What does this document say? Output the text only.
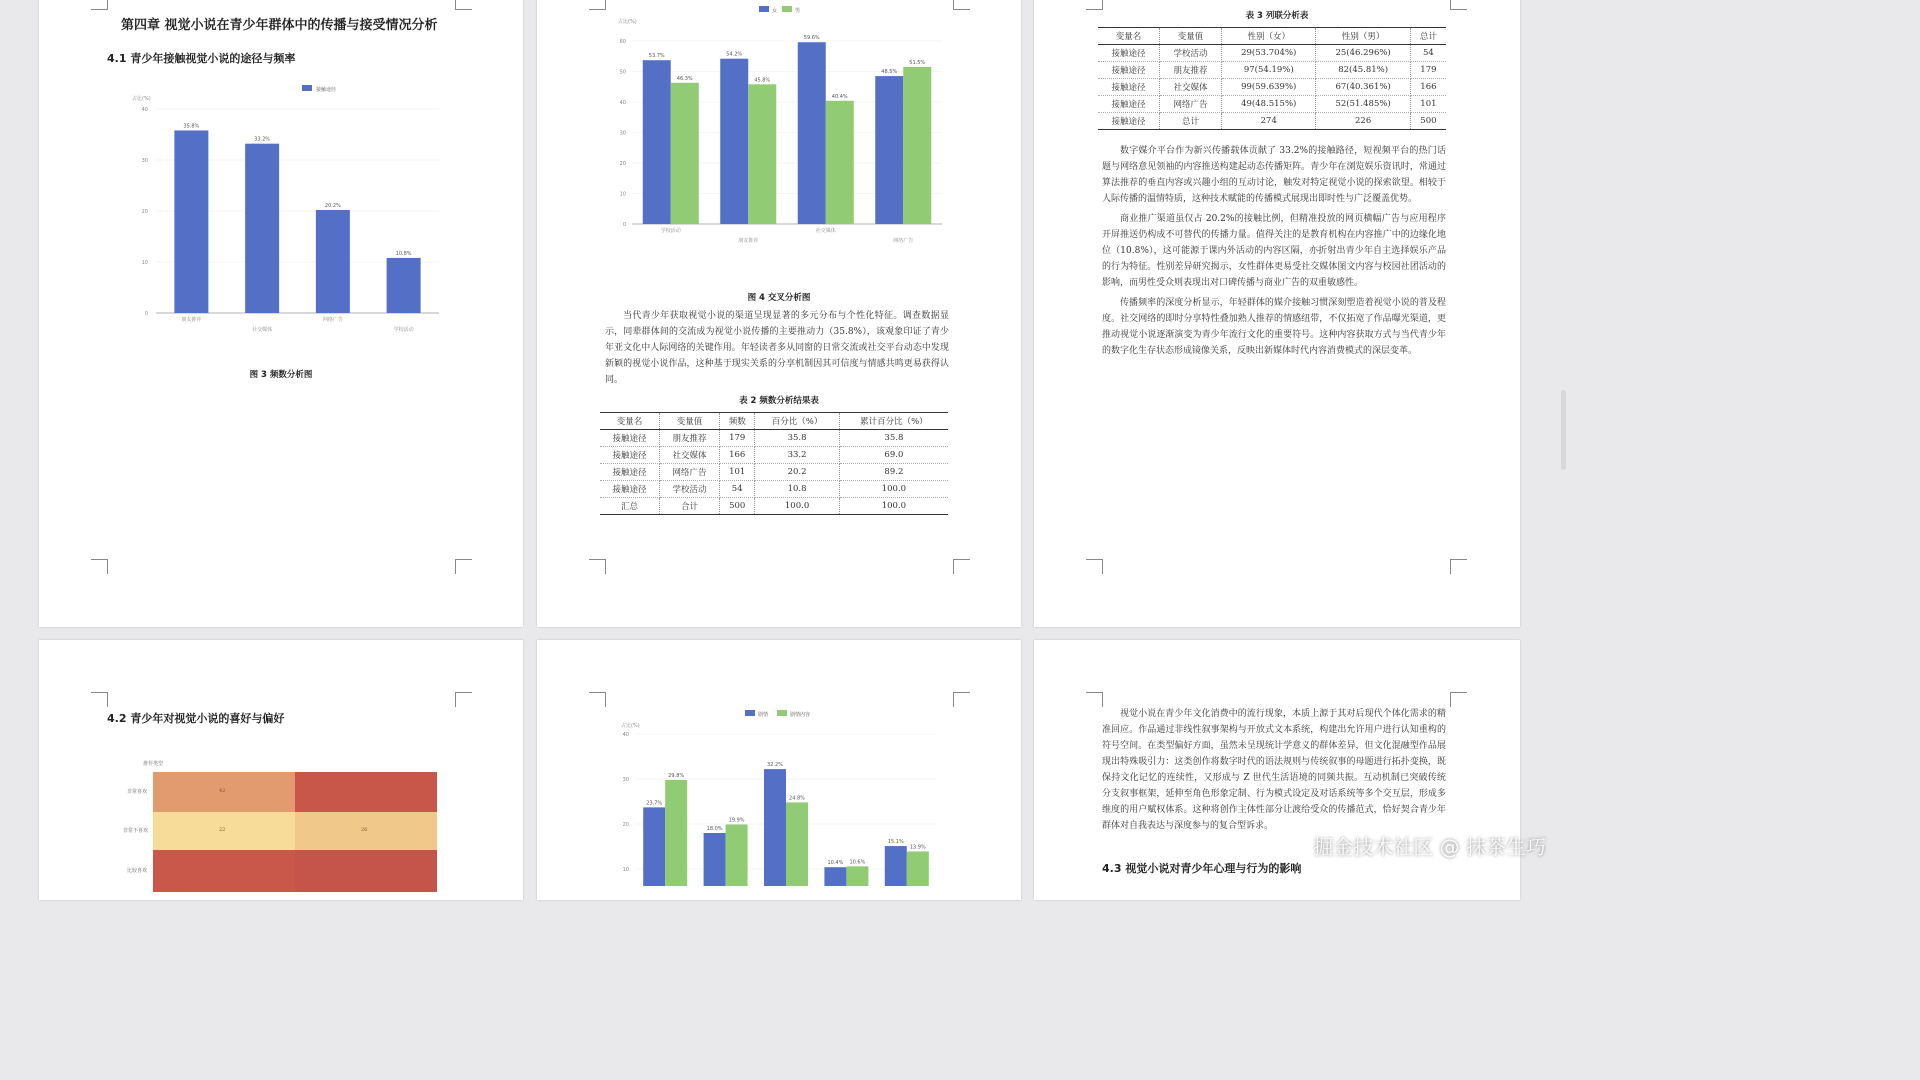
第四章 视觉小说在青少年群体中的传播与接受情况分析
4.1 青少年接触视觉小说的途径与频率
接触途径
占比(%)
0
10
20
30
40
35.8%
朋友推荐
33.2%
社交媒体
20.2%
网络广告
10.8%
学校活动
图 3 频数分析图
女	男
占比(%)
0
10
20
30
40
50
60
53.7%
46.3%
学校活动
54.2%
45.8%
朋友推荐
59.6%
40.4%
社交媒体
48.5%
51.5%
网络广告
图 4 交叉分析图

当代青少年获取视觉小说的渠道呈现显著的多元分布与个性化特征。调查数据显示，同辈群体间的交流成为视觉小说传播的主要推动力（35.8%），该观象印证了青少年亚文化中人际网络的关键作用。年轻读者多从同窗的日常交流或社交平台动态中发现新颖的视觉小说作品，这种基于现实关系的分享机制因其可信度与情感共鸣更易获得认同。

表 2 频数分析结果表
变量名	变量值	频数	百分比（%）	累计百分比（%）
接触途径	朋友推荐	179	35.8	35.8
接触途径	社交媒体	166	33.2	69.0
接触途径	网络广告	101	20.2	89.2
接触途径	学校活动	54	10.8	100.0
汇总	合计	500	100.0	100.0
表 3 列联分析表
变量名	变量值	性别（女）	性别（男）	总计
接触途径	学校活动	29(53.704%)	25(46.296%)	54
接触途径	朋友推荐	97(54.19%)	82(45.81%)	179
接触途径	社交媒体	99(59.639%)	67(40.361%)	166
接触途径	网络广告	49(48.515%)	52(51.485%)	101
接触途径	总计	274	226	500

数字媒介平台作为新兴传播载体贡献了 33.2%的接触路径，短视频平台的热门话题与网络意见领袖的内容推送构建起动态传播矩阵。青少年在浏览娱乐资讯时，常通过算法推荐的垂直内容或兴趣小组的互动讨论，触发对特定视觉小说的探索欲望。相较于人际传播的温情特质，这种技术赋能的传播模式展现出即时性与广泛覆盖优势。

商业推广渠道虽仅占 20.2%的接触比例，但精准投放的网页横幅广告与应用程序开屏推送仍构成不可替代的传播力量。值得关注的是教育机构在内容推广中的边缘化地位（10.8%），这可能源于课内外活动的内容区隔，亦折射出青少年自主选择娱乐产品的行为特征。性别差异研究揭示，女性群体更易受社交媒体图文内容与校园社团活动的影响，而男性受众则表现出对口碑传播与商业广告的双重敏感性。

传播频率的深度分析显示，年轻群体的媒介接触习惯深刻塑造着视觉小说的普及程度。社交网络的即时分享特性叠加熟人推荐的情感纽带，不仅拓宽了作品曝光渠道，更推动视觉小说逐渐演变为青少年流行文化的重要符号。这种内容获取方式与当代青少年的数字化生存状态形成镜像关系，反映出新媒体时代内容消费模式的深层变革。

4.2 青少年对视觉小说的喜好与偏好
推荐类型
42
22	26
非常喜欢
非常不喜欢
比较喜欢
剧情	剧情内容
占比(%)
40
30
20
10
23.7%
29.8%
18.0%
19.9%
32.2%
24.8%
10.4% 10.6%
15.1%
13.9%

视觉小说在青少年文化消费中的流行现象，本质上源于其对后现代个体化需求的精准回应。作品通过非线性叙事架构与开放式文本系统，构建出允许用户进行认知重构的符号空间。在类型偏好方面，虽然未呈现统计学意义的群体差异，但文化混融型作品展现出特殊吸引力：这类创作将数字时代的语法规则与传统叙事的母题进行拓扑变换，既保持文化记忆的连续性，又形成与 Z 世代生活语境的同频共振。互动机制已突破传统分支叙事框架，延伸至角色形象定制、行为模式设定及对话系统等多个交互层，形成多维度的用户赋权体系。这种将创作主体性部分让渡给受众的传播范式，恰好契合青少年群体对自我表达与深度参与的复合型诉求。

4.3 视觉小说对青少年心理与行为的影响
掘金技术社区 @ 抹茶生巧
